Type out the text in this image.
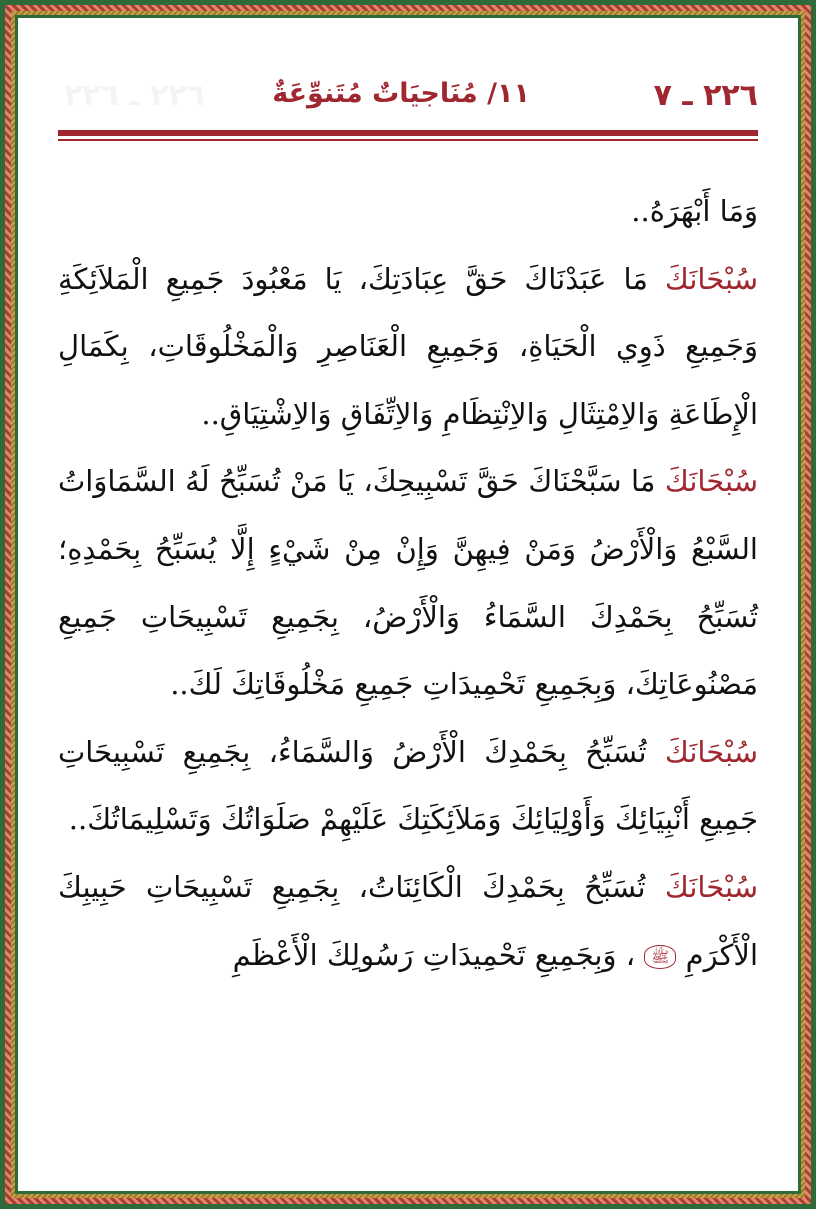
٢٢٦ ـ ٧
١١/ مُنَاجيَاتٌ مُتَنوِّعَةٌ
٢٢٦ ـ ٢٢٦

وَمَا أَبْهَرَهُ..

سُبْحَانَكَ مَا عَبَدْنَاكَ حَقَّ عِبَادَتِكَ، يَا مَعْبُودَ جَمِيعِ الْمَلاَئِكَةِ وَجَمِيعِ ذَوِي الْحَيَاةِ، وَجَمِيعِ الْعَنَاصِرِ وَالْمَخْلُوقَاتِ، بِكَمَالِ الْإِطَاعَةِ وَالاِمْتِثَالِ وَالاِنْتِظَامِ وَالاِتِّفَاقِ وَالاِشْتِيَاقِ..

سُبْحَانَكَ مَا سَبَّحْنَاكَ حَقَّ تَسْبِيحِكَ، يَا مَنْ تُسَبِّحُ لَهُ السَّمَاوَاتُ السَّبْعُ وَالْأَرْضُ وَمَنْ فِيهِنَّ وَإِنْ مِنْ شَيْءٍ إِلَّا يُسَبِّحُ بِحَمْدِهِ؛ تُسَبِّحُ بِحَمْدِكَ السَّمَاءُ وَالْأَرْضُ، بِجَمِيعِ تَسْبِيحَاتِ جَمِيعِ مَصْنُوعَاتِكَ، وَبِجَمِيعِ تَحْمِيدَاتِ جَمِيعِ مَخْلُوقَاتِكَ لَكَ..

سُبْحَانَكَ تُسَبِّحُ بِحَمْدِكَ الْأَرْضُ وَالسَّمَاءُ، بِجَمِيعِ تَسْبِيحَاتِ جَمِيعِ أَنْبِيَائِكَ وَأَوْلِيَائِكَ وَمَلاَئِكَتِكَ عَلَيْهِمْ صَلَوَاتُكَ وَتَسْلِيمَاتُكَ..

سُبْحَانَكَ تُسَبِّحُ بِحَمْدِكَ الْكَائِنَاتُ، بِجَمِيعِ تَسْبِيحَاتِ حَبِيبِكَ الْأَكْرَمِ ﷺ ، وَبِجَمِيعِ تَحْمِيدَاتِ رَسُولِكَ الْأَعْظَمِ
